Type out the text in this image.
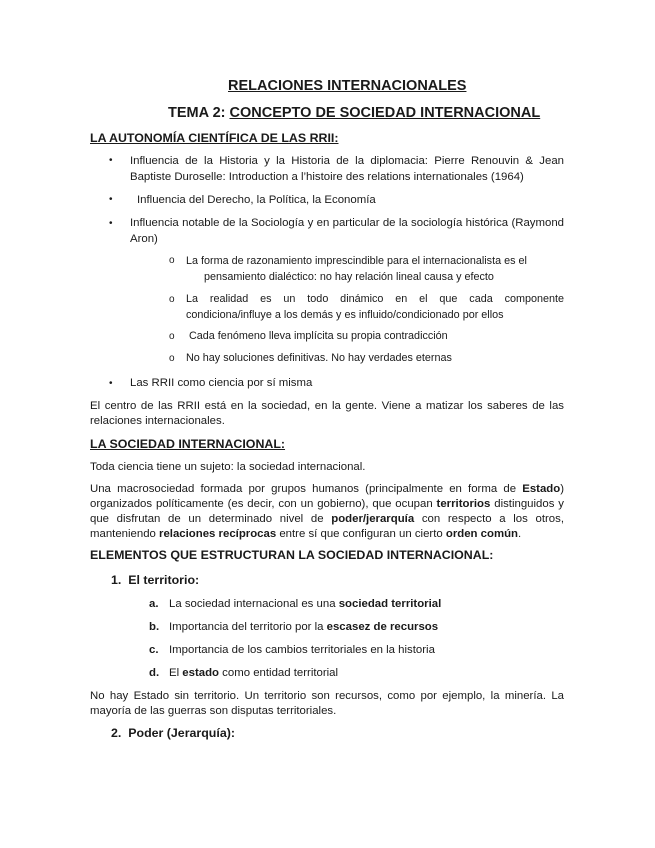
RELACIONES INTERNACIONALES
TEMA 2: CONCEPTO DE SOCIEDAD INTERNACIONAL
LA AUTONOMÍA CIENTÍFICA DE LAS RRII:
• Influencia de la Historia y la Historia de la diplomacia: Pierre Renouvin & Jean Baptiste Duroselle: Introduction a l’histoire des relations internationales (1964)
• Influencia del Derecho, la Política, la Economía
• Influencia notable de la Sociología y en particular de la sociología histórica (Raymond Aron)
o La forma de razonamiento imprescindible para el internacionalista es el pensamiento dialéctico: no hay relación lineal causa y efecto
o La realidad es un todo dinámico en el que cada componente condiciona/influye a los demás y es influido/condicionado por ellos
o Cada fenómeno lleva implícita su propia contradicción
o No hay soluciones definitivas. No hay verdades eternas
• Las RRII como ciencia por sí misma
El centro de las RRII está en la sociedad, en la gente. Viene a matizar los saberes de las relaciones internacionales.
LA SOCIEDAD INTERNACIONAL:
Toda ciencia tiene un sujeto: la sociedad internacional.
Una macrosociedad formada por grupos humanos (principalmente en forma de Estado) organizados políticamente (es decir, con un gobierno), que ocupan territorios distinguidos y que disfrutan de un determinado nivel de poder/jerarquía con respecto a los otros, manteniendo relaciones recíprocas entre sí que configuran un cierto orden común.
ELEMENTOS QUE ESTRUCTURAN LA SOCIEDAD INTERNACIONAL:
1. El territorio:
a. La sociedad internacional es una sociedad territorial
b. Importancia del territorio por la escasez de recursos
c. Importancia de los cambios territoriales en la historia
d. El estado como entidad territorial
No hay Estado sin territorio. Un territorio son recursos, como por ejemplo, la minería. La mayoría de las guerras son disputas territoriales.
2. Poder (Jerarquía):
